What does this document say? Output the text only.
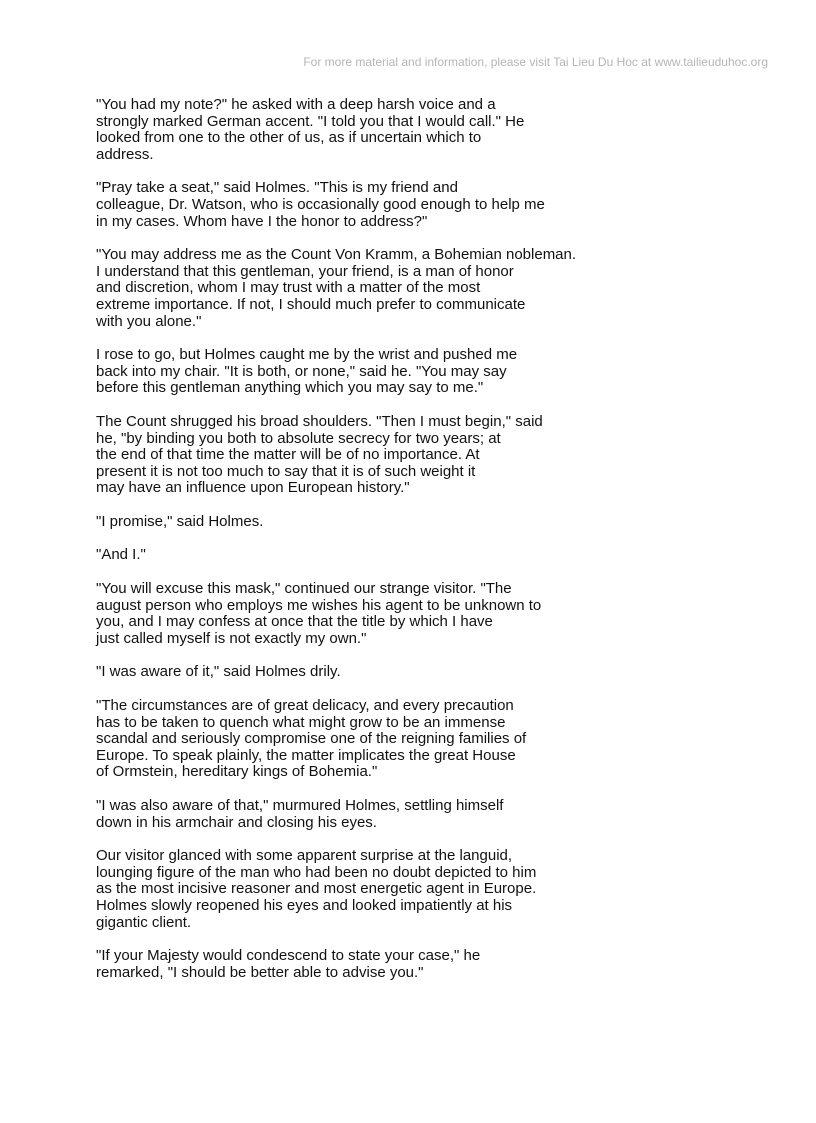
For more material and information, please visit Tai Lieu Du Hoc at www.tailieuduhoc.org

"You had my note?" he asked with a deep harsh voice and a
strongly marked German accent. "I told you that I would call." He
looked from one to the other of us, as if uncertain which to
address.

"Pray take a seat," said Holmes. "This is my friend and
colleague, Dr. Watson, who is occasionally good enough to help me
in my cases. Whom have I the honor to address?"

"You may address me as the Count Von Kramm, a Bohemian nobleman.
I understand that this gentleman, your friend, is a man of honor
and discretion, whom I may trust with a matter of the most
extreme importance. If not, I should much prefer to communicate
with you alone."

I rose to go, but Holmes caught me by the wrist and pushed me
back into my chair. "It is both, or none," said he. "You may say
before this gentleman anything which you may say to me."

The Count shrugged his broad shoulders. "Then I must begin," said
he, "by binding you both to absolute secrecy for two years; at
the end of that time the matter will be of no importance. At
present it is not too much to say that it is of such weight it
may have an influence upon European history."

"I promise," said Holmes.

"And I."

"You will excuse this mask," continued our strange visitor. "The
august person who employs me wishes his agent to be unknown to
you, and I may confess at once that the title by which I have
just called myself is not exactly my own."

"I was aware of it," said Holmes drily.

"The circumstances are of great delicacy, and every precaution
has to be taken to quench what might grow to be an immense
scandal and seriously compromise one of the reigning families of
Europe. To speak plainly, the matter implicates the great House
of Ormstein, hereditary kings of Bohemia."

"I was also aware of that," murmured Holmes, settling himself
down in his armchair and closing his eyes.

Our visitor glanced with some apparent surprise at the languid,
lounging figure of the man who had been no doubt depicted to him
as the most incisive reasoner and most energetic agent in Europe.
Holmes slowly reopened his eyes and looked impatiently at his
gigantic client.

"If your Majesty would condescend to state your case," he
remarked, "I should be better able to advise you."
